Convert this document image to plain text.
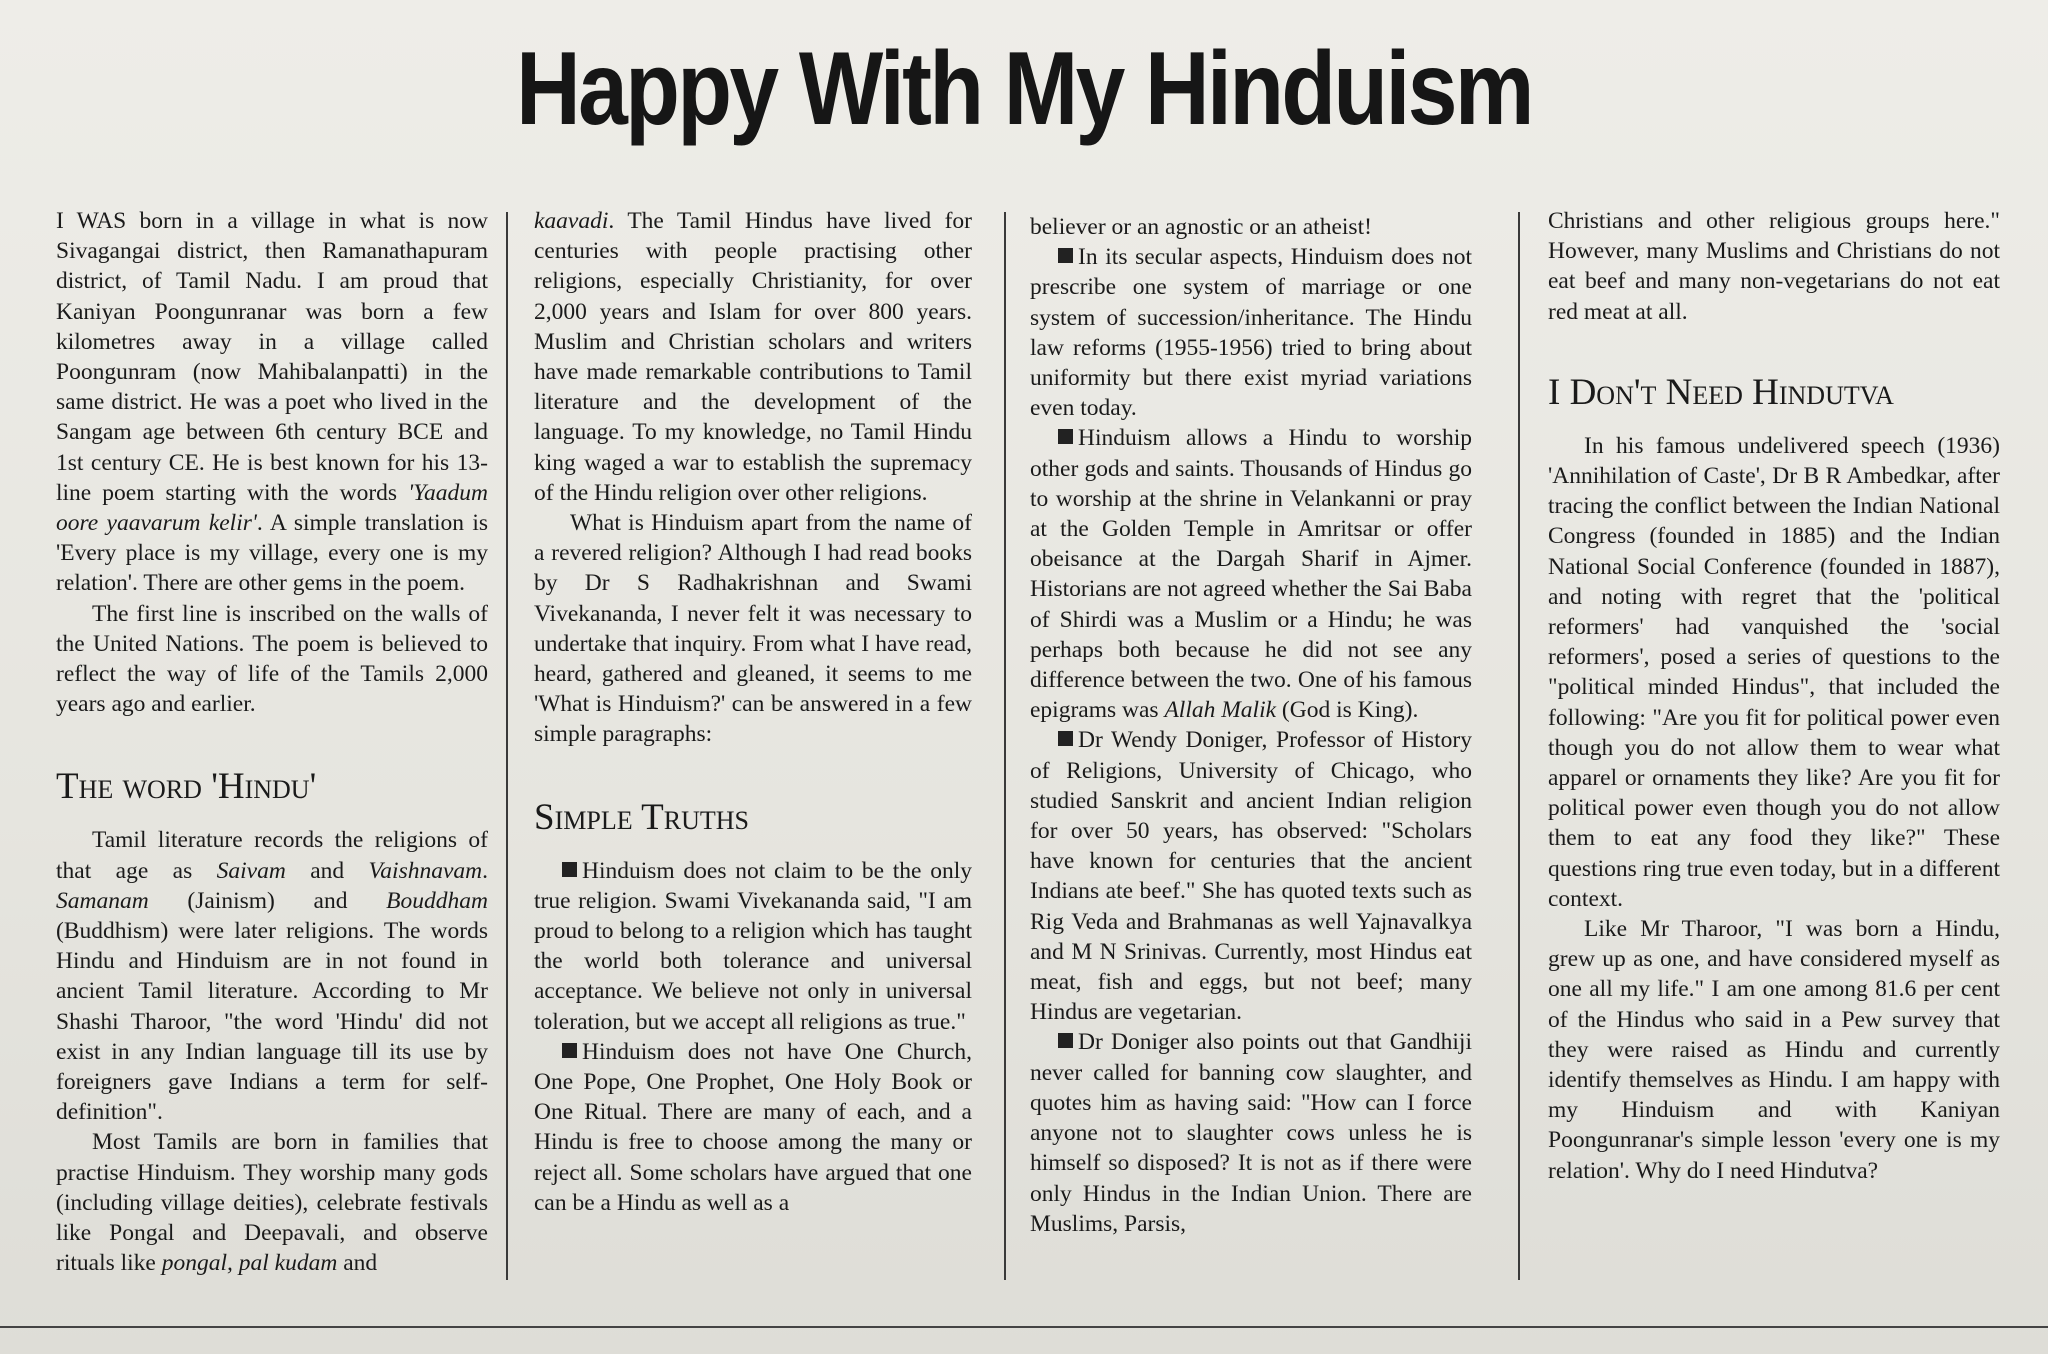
Happy With My Hinduism

I WAS born in a village in what is now Sivagangai district, then Ramanathapuram district, of Tamil Nadu. I am proud that Kaniyan Poongunranar was born a few kilometres away in a village called Poongunram (now Mahibalanpatti) in the same district. He was a poet who lived in the Sangam age between 6th century BCE and 1st century CE. He is best known for his 13-line poem starting with the words 'Yaadum oore yaavarum kelir'. A simple translation is 'Every place is my village, every one is my relation'. There are other gems in the poem.

The first line is inscribed on the walls of the United Nations. The poem is believed to reflect the way of life of the Tamils 2,000 years ago and earlier.

The word 'Hindu'

Tamil literature records the religions of that age as Saivam and Vaishnavam. Samanam (Jainism) and Bouddham (Buddhism) were later religions. The words Hindu and Hinduism are in not found in ancient Tamil literature. According to Mr Shashi Tharoor, "the word 'Hindu' did not exist in any Indian language till its use by foreigners gave Indians a term for self-definition".

Most Tamils are born in families that practise Hinduism. They worship many gods (including village deities), celebrate festivals like Pongal and Deepavali, and observe rituals like pongal, pal kudam and

kaavadi. The Tamil Hindus have lived for centuries with people practising other religions, especially Christianity, for over 2,000 years and Islam for over 800 years. Muslim and Christian scholars and writers have made remarkable contributions to Tamil literature and the development of the language. To my knowledge, no Tamil Hindu king waged a war to establish the supremacy of the Hindu religion over other religions.

What is Hinduism apart from the name of a revered religion? Although I had read books by Dr S Radhakrishnan and Swami Vivekananda, I never felt it was necessary to undertake that inquiry. From what I have read, heard, gathered and gleaned, it seems to me 'What is Hinduism?' can be answered in a few simple paragraphs:

Simple Truths

Hinduism does not claim to be the only true religion. Swami Vivekananda said, "I am proud to belong to a religion which has taught the world both tolerance and universal acceptance. We believe not only in universal toleration, but we accept all religions as true."

Hinduism does not have One Church, One Pope, One Prophet, One Holy Book or One Ritual. There are many of each, and a Hindu is free to choose among the many or reject all. Some scholars have argued that one can be a Hindu as well as a

believer or an agnostic or an atheist!

In its secular aspects, Hinduism does not prescribe one system of marriage or one system of succession/inheritance. The Hindu law reforms (1955-1956) tried to bring about uniformity but there exist myriad variations even today.

Hinduism allows a Hindu to worship other gods and saints. Thousands of Hindus go to worship at the shrine in Velankanni or pray at the Golden Temple in Amritsar or offer obeisance at the Dargah Sharif in Ajmer. Historians are not agreed whether the Sai Baba of Shirdi was a Muslim or a Hindu; he was perhaps both because he did not see any difference between the two. One of his famous epigrams was Allah Malik (God is King).

Dr Wendy Doniger, Professor of History of Religions, University of Chicago, who studied Sanskrit and ancient Indian religion for over 50 years, has observed: "Scholars have known for centuries that the ancient Indians ate beef." She has quoted texts such as Rig Veda and Brahmanas as well Yajnavalkya and M N Srinivas. Currently, most Hindus eat meat, fish and eggs, but not beef; many Hindus are vegetarian.

Dr Doniger also points out that Gandhiji never called for banning cow slaughter, and quotes him as having said: "How can I force anyone not to slaughter cows unless he is himself so disposed? It is not as if there were only Hindus in the Indian Union. There are Muslims, Parsis,

Christians and other religious groups here." However, many Muslims and Christians do not eat beef and many non-vegetarians do not eat red meat at all.

I Don't Need Hindutva

In his famous undelivered speech (1936) 'Annihilation of Caste', Dr B R Ambedkar, after tracing the conflict between the Indian National Congress (founded in 1885) and the Indian National Social Conference (founded in 1887), and noting with regret that the 'political reformers' had vanquished the 'social reformers', posed a series of questions to the "political minded Hindus", that included the following: "Are you fit for political power even though you do not allow them to wear what apparel or ornaments they like? Are you fit for political power even though you do not allow them to eat any food they like?" These questions ring true even today, but in a different context.

Like Mr Tharoor, "I was born a Hindu, grew up as one, and have considered myself as one all my life." I am one among 81.6 per cent of the Hindus who said in a Pew survey that they were raised as Hindu and currently identify themselves as Hindu. I am happy with my Hinduism and with Kaniyan Poongunranar's simple lesson 'every one is my relation'. Why do I need Hindutva?
